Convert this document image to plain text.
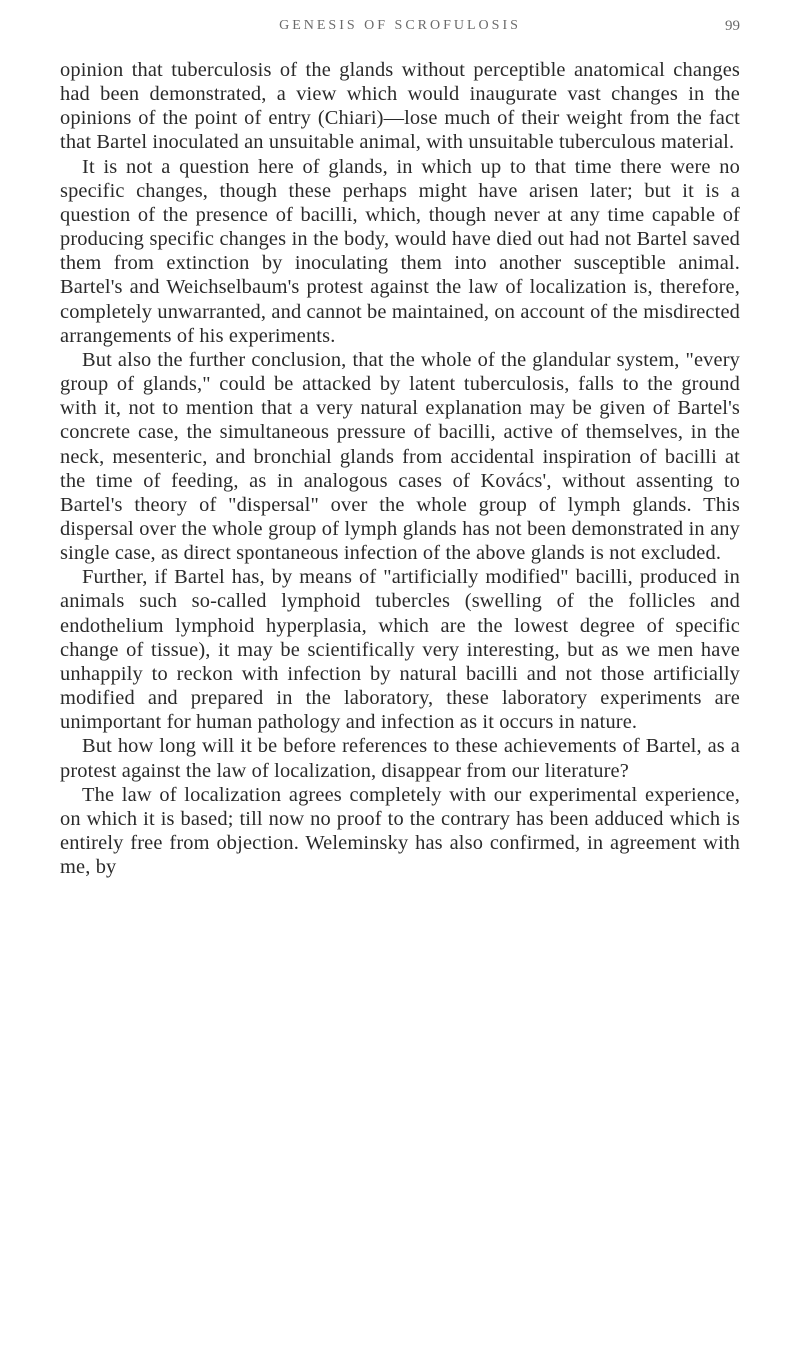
GENESIS OF SCROFULOSIS	99

opinion that tuberculosis of the glands without perceptible anatomical changes had been demonstrated, a view which would inaugurate vast changes in the opinions of the point of entry (Chiari)—lose much of their weight from the fact that Bartel inoculated an unsuitable animal, with unsuitable tuberculous material.

It is not a question here of glands, in which up to that time there were no specific changes, though these perhaps might have arisen later; but it is a question of the presence of bacilli, which, though never at any time capable of producing specific changes in the body, would have died out had not Bartel saved them from extinction by inoculating them into another susceptible animal. Bartel's and Weichselbaum's protest against the law of localization is, therefore, completely unwarranted, and cannot be maintained, on account of the misdirected arrangements of his experiments.

But also the further conclusion, that the whole of the glandular system, "every group of glands," could be attacked by latent tuberculosis, falls to the ground with it, not to mention that a very natural explanation may be given of Bartel's concrete case, the simultaneous pressure of bacilli, active of themselves, in the neck, mesenteric, and bronchial glands from accidental inspiration of bacilli at the time of feeding, as in analogous cases of Kovács', without assenting to Bartel's theory of "dispersal" over the whole group of lymph glands. This dispersal over the whole group of lymph glands has not been demonstrated in any single case, as direct spontaneous infection of the above glands is not excluded.

Further, if Bartel has, by means of "artificially modified" bacilli, produced in animals such so-called lymphoid tubercles (swelling of the follicles and endothelium lymphoid hyperplasia, which are the lowest degree of specific change of tissue), it may be scientifically very interesting, but as we men have unhappily to reckon with infection by natural bacilli and not those artificially modified and prepared in the laboratory, these laboratory experiments are unimportant for human pathology and infection as it occurs in nature.

But how long will it be before references to these achievements of Bartel, as a protest against the law of localization, disappear from our literature?

The law of localization agrees completely with our experimental experience, on which it is based; till now no proof to the contrary has been adduced which is entirely free from objection. Weleminsky has also confirmed, in agreement with me, by
